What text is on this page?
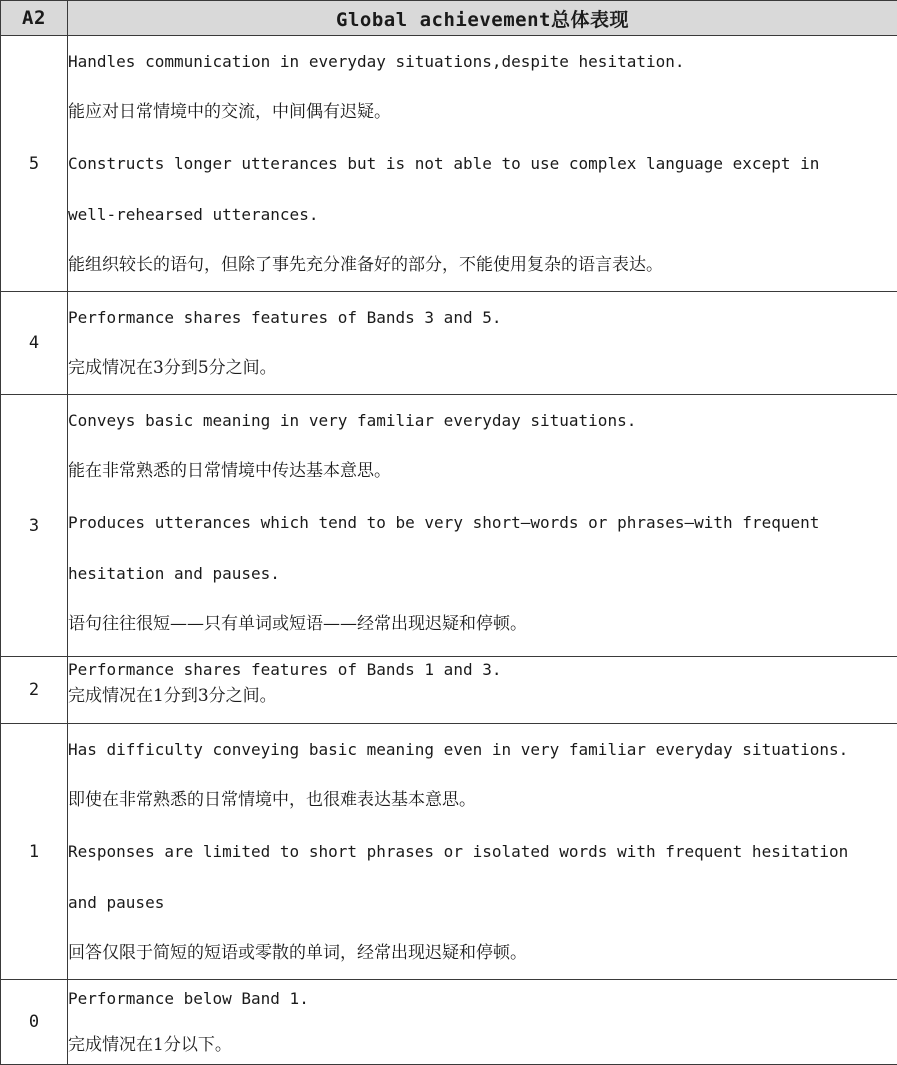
A2	Global achievement总体表现
5	Handles communication in everyday situations,despite hesitation.
能应对日常情境中的交流，中间偶有迟疑。
Constructs longer utterances but is not able to use complex language except in
well-rehearsed utterances.
能组织较长的语句，但除了事先充分准备好的部分，不能使用复杂的语言表达。

4	Performance shares features of Bands 3 and 5.
完成情况在3分到5分之间。

3	Conveys basic meaning in very familiar everyday situations.
能在非常熟悉的日常情境中传达基本意思。
Produces utterances which tend to be very short—words or phrases—with frequent
hesitation and pauses.
语句往往很短——只有单词或短语——经常出现迟疑和停顿。

2	Performance shares features of Bands 1 and 3.
完成情况在1分到3分之间。

1	Has difficulty conveying basic meaning even in very familiar everyday situations.
即使在非常熟悉的日常情境中，也很难表达基本意思。
Responses are limited to short phrases or isolated words with frequent hesitation
and pauses
回答仅限于简短的短语或零散的单词，经常出现迟疑和停顿。

0	Performance below Band 1.
完成情况在1分以下。
